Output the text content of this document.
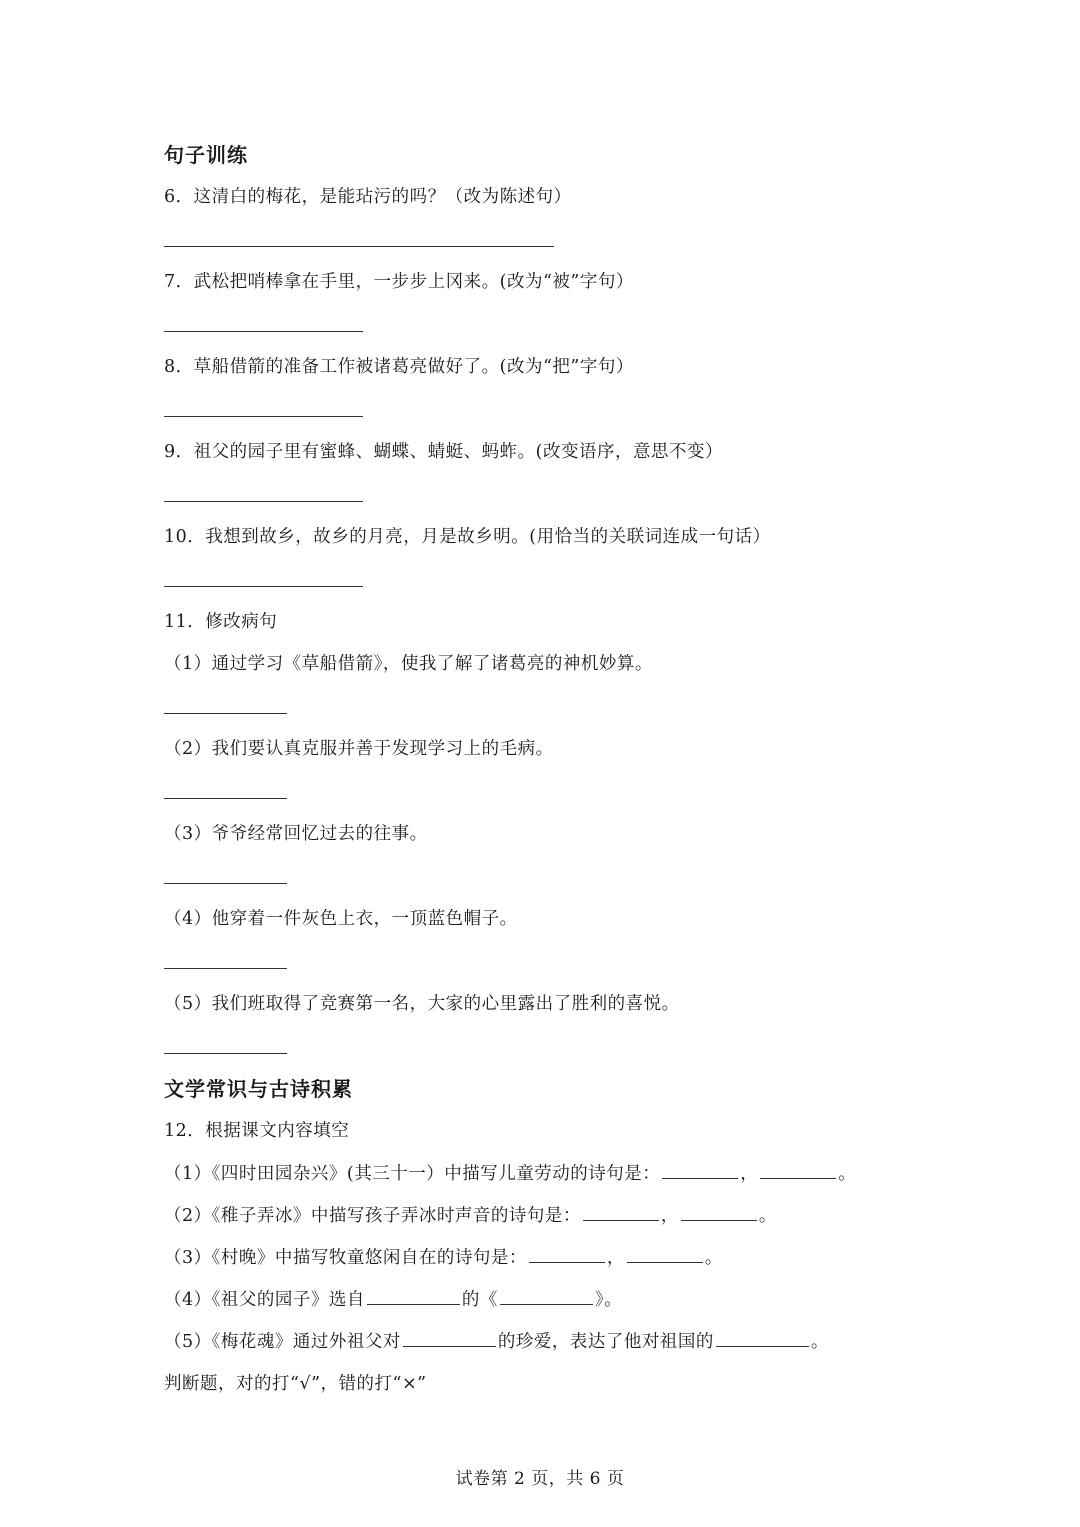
句子训练
6．这清白的梅花，是能玷污的吗？（改为陈述句）
7．武松把哨棒拿在手里，一步步上冈来。(改为“被”字句）
8．草船借箭的准备工作被诸葛亮做好了。(改为“把”字句）
9．祖父的园子里有蜜蜂、蝴蝶、蜻蜓、蚂蚱。(改变语序，意思不变）
10．我想到故乡，故乡的月亮，月是故乡明。(用恰当的关联词连成一句话）
11．修改病句
（1）通过学习《草船借箭》，使我了解了诸葛亮的神机妙算。
（2）我们要认真克服并善于发现学习上的毛病。
（3）爷爷经常回忆过去的往事。
（4）他穿着一件灰色上衣，一顶蓝色帽子。
（5）我们班取得了竞赛第一名，大家的心里露出了胜利的喜悦。
文学常识与古诗积累
12．根据课文内容填空
（1）《四时田园杂兴》(其三十一）中描写儿童劳动的诗句是：	，	。
（2）《稚子弄冰》中描写孩子弄冰时声音的诗句是：	，	。
（3）《村晚》中描写牧童悠闲自在的诗句是：	，	。
（4）《祖父的园子》选自	的《	》。
（5）《梅花魂》通过外祖父对	的珍爱，表达了他对祖国的	。
判断题，对的打“√”，错的打“×”
试卷第 2 页，共 6 页
